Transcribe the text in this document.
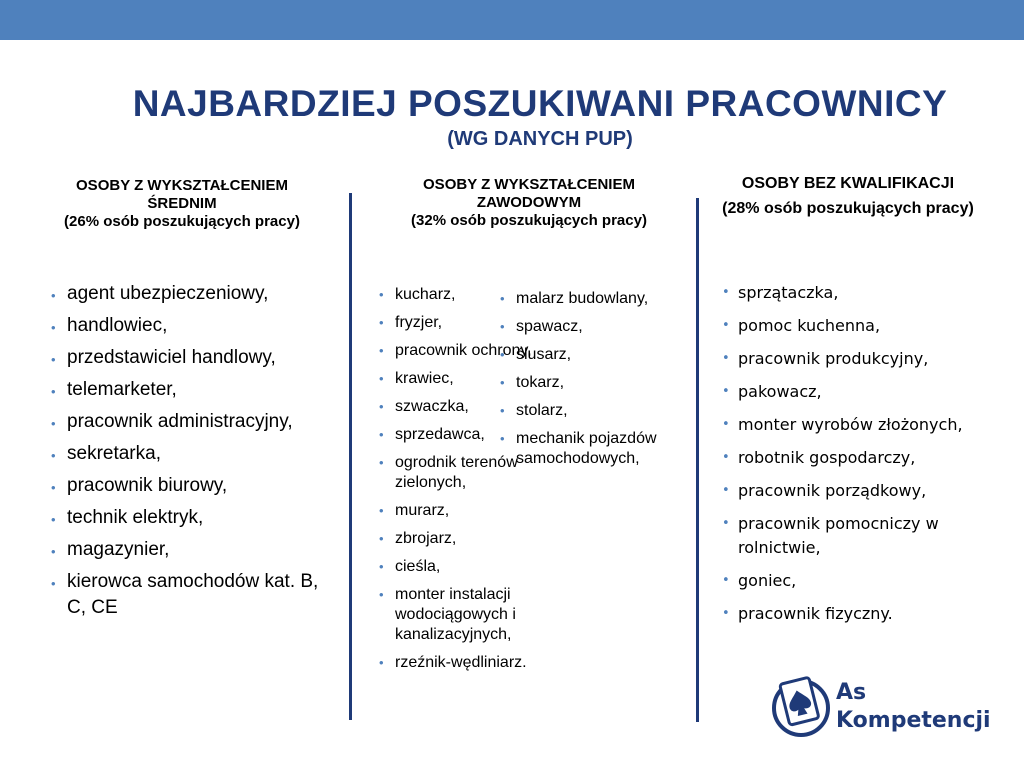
NAJBARDZIEJ POSZUKIWANI PRACOWNICY
(WG DANYCH PUP)
OSOBY Z WYKSZTAŁCENIEM ŚREDNIM
(26% osób poszukujących pracy)
• agent ubezpieczeniowy,
• handlowiec,
• przedstawiciel handlowy,
• telemarketer,
• pracownik administracyjny,
• sekretarka,
• pracownik biurowy,
• technik elektryk,
• magazynier,
• kierowca samochodów kat. B, C, CE
OSOBY Z WYKSZTAŁCENIEM ZAWODOWYM
(32% osób poszukujących pracy)
• kucharz,
• fryzjer,
• pracownik ochrony,
• krawiec,
• szwaczka,
• sprzedawca,
• ogrodnik terenów zielonych,
• murarz,
• zbrojarz,
• cieśla,
• monter instalacji wodociągowych i kanalizacyjnych,
• rzeźnik-wędliniarz.
• malarz budowlany,
• spawacz,
• ślusarz,
• tokarz,
• stolarz,
• mechanik pojazdów samochodowych,
OSOBY BEZ KWALIFIKACJI
(28% osób poszukujących pracy)
• sprzątaczka,
• pomoc kuchenna,
• pracownik produkcyjny,
• pakowacz,
• monter wyrobów złożonych,
• robotnik gospodarczy,
• pracownik porządkowy,
• pracownik pomocniczy w rolnictwie,
• goniec,
• pracownik fizyczny.
As
Kompetencji
